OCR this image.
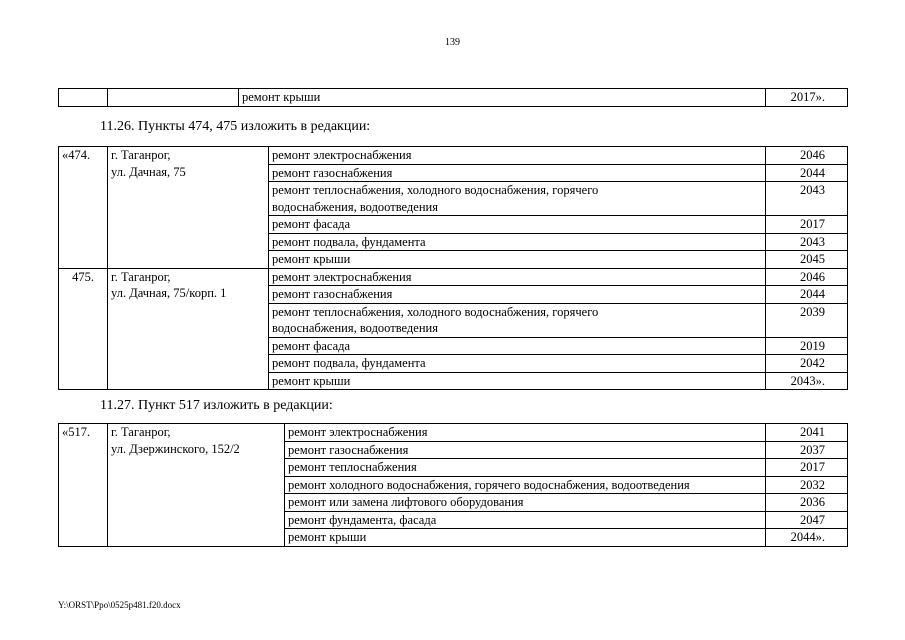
139
		ремонт крыши	2017».
11.26. Пункты 474, 475 изложить в редакции:
«474.	г. Таганрог,
ул. Дачная, 75	ремонт электроснабжения	2046
		ремонт газоснабжения	2044

		ремонт теплоснабжения, холодного водоснабжения, горячего
водоснабжения, водоотведения	2043
		ремонт фасада	2017
		ремонт подвала, фундамента	2043
		ремонт крыши	2045
475.	г. Таганрог,
ул. Дачная, 75/корп. 1	ремонт электроснабжения	2046
		ремонт газоснабжения	2044

		ремонт теплоснабжения, холодного водоснабжения, горячего
водоснабжения, водоотведения	2039
		ремонт фасада	2019
		ремонт подвала, фундамента	2042
		ремонт крыши	2043».
11.27. Пункт 517 изложить в редакции:
«517.	г. Таганрог,
ул. Дзержинского, 152/2	ремонт электроснабжения	2041
		ремонт газоснабжения	2037
		ремонт теплоснабжения	2017
		ремонт холодного водоснабжения, горячего водоснабжения, водоотведения	2032
		ремонт или замена лифтового оборудования	2036
		ремонт фундамента, фасада	2047
		ремонт крыши	2044».
Y:\ORST\Ppo\0525p481.f20.docx
